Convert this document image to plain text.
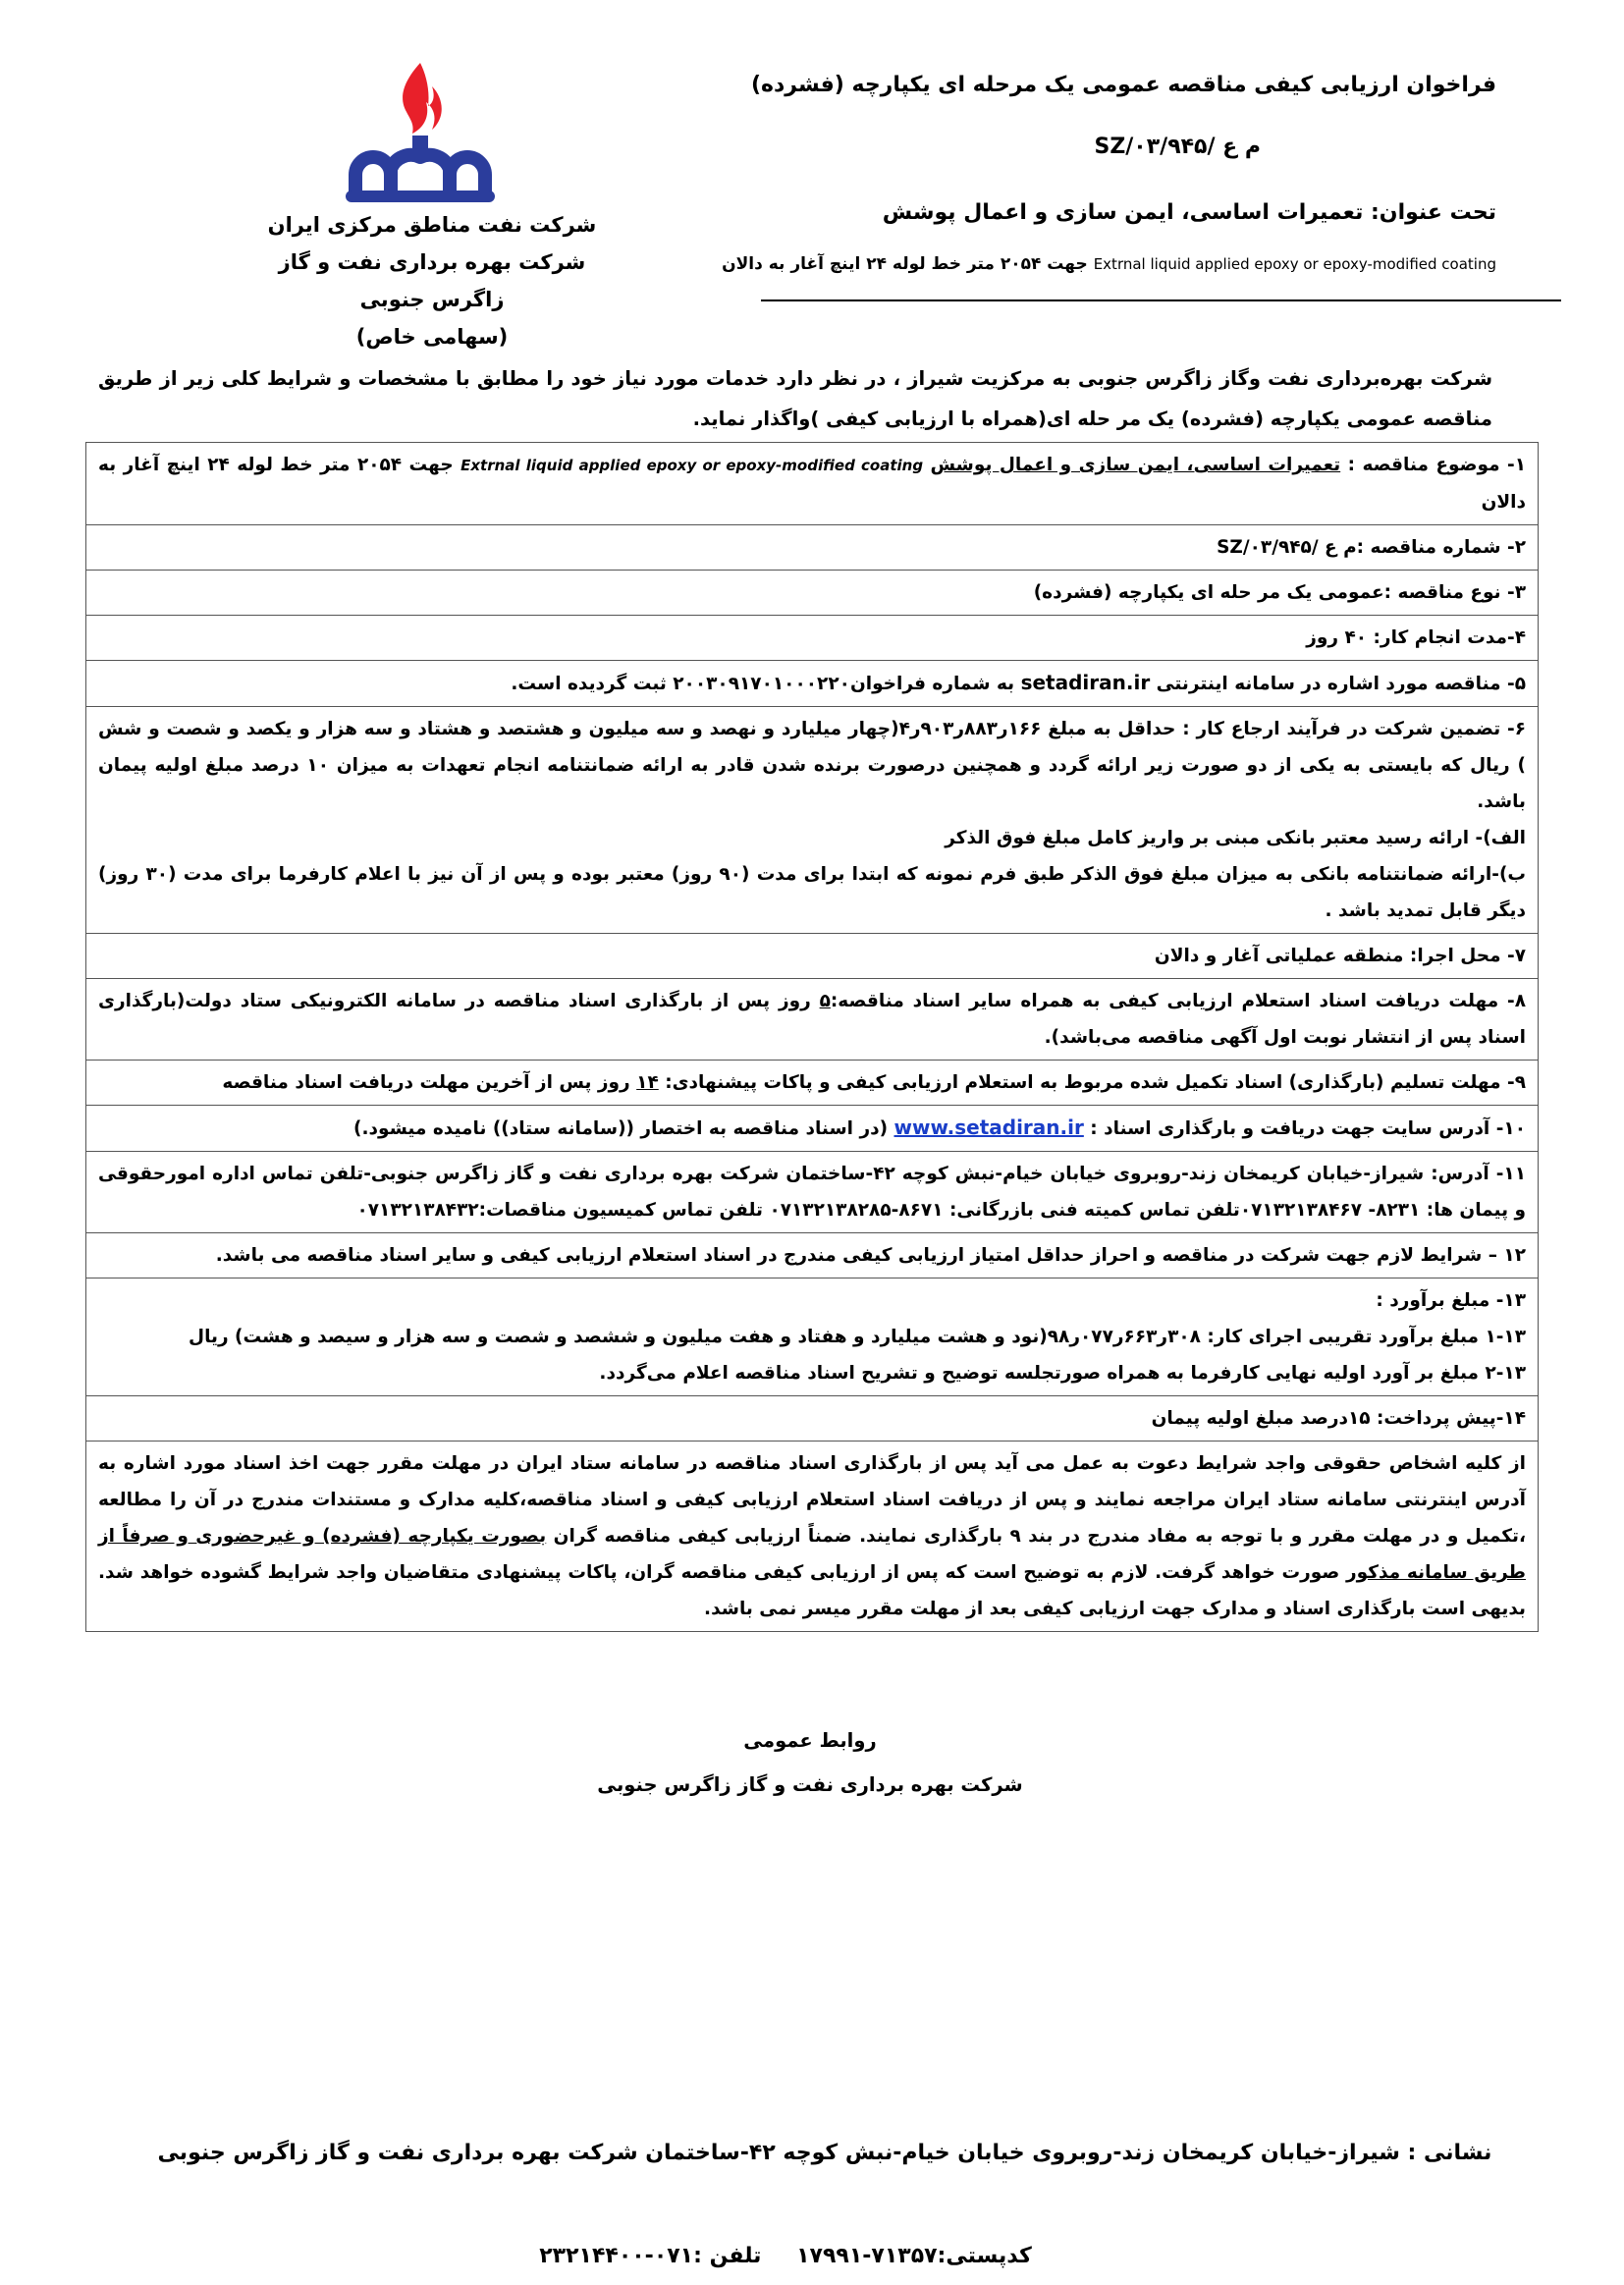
شرکت نفت مناطق مرکزی ایران
شرکت بهره برداری نفت و گاز زاگرس جنوبی
(سهامی خاص)
فراخوان ارزیابی کیفی مناقصه عمومی یک مرحله ای یکپارچه (فشرده)
م ع /SZ/۰۳/۹۴۵
تحت عنوان: تعمیرات اساسی، ایمن سازی و اعمال پوشش
Extrnal liquid applied epoxy or epoxy-modified coating جهت ۲۰۵۴ متر خط لوله ۲۴ اینچ آغار به دالان
شرکت بهره‌برداری نفت وگاز زاگرس جنوبی به مرکزیت شیراز ، در نظر دارد خدمات مورد نیاز خود را مطابق با مشخصات و شرایط کلی زیر از طریق مناقصه عمومی یکپارچه (فشرده) یک مر حله ای(همراه با ارزیابی کیفی )واگذار نماید.
۱- موضوع مناقصه : تعمیرات اساسی، ایمن سازی و اعمال پوشش Extrnal liquid applied epoxy or epoxy-modified coating جهت ۲۰۵۴ متر خط لوله ۲۴ اینچ آغار به دالان
۲- شماره مناقصه :م ع /SZ/۰۳/۹۴۵
۳- نوع مناقصه :عمومی یک مر حله ای یکپارچه (فشرده)
۴-مدت انجام کار: ۴۰ روز
۵- مناقصه مورد اشاره در سامانه اینترنتی setadiran.ir به شماره فراخوان۲۰۰۳۰۹۱۷۰۱۰۰۰۲۲۰ ثبت گردیده است.

۶- تضمین شرکت در فرآیند ارجاع کار : حداقل به مبلغ ۱۶۶ر۸۸۳ر۹۰۳ر۴(چهار میلیارد و نهصد و سه میلیون و هشتصد و هشتاد و سه هزار و یکصد و شصت و شش ) ریال که بایستی به یکی از دو صورت زیر ارائه گردد و همچنین درصورت برنده شدن قادر به ارائه ضمانتنامه انجام تعهدات به میزان ۱۰ درصد مبلغ اولیه پیمان باشد.
الف)- ارائه رسید معتبر بانکی مبنی بر واریز کامل مبلغ فوق الذکر
ب)-ارائه ضمانتنامه بانکی به میزان مبلغ فوق الذکر طبق فرم نمونه که ابتدا برای مدت (۹۰ روز) معتبر بوده و پس از آن نیز با اعلام کارفرما برای مدت (۳۰ روز) دیگر قابل تمدید باشد .

۷- محل اجرا: منطقه عملیاتی آغار و دالان
۸- مهلت دریافت اسناد استعلام ارزیابی کیفی به همراه سایر اسناد مناقصه:۵ روز پس از بارگذاری اسناد مناقصه در سامانه الکترونیکی ستاد دولت(بارگذاری اسناد پس از انتشار نوبت اول آگهی مناقصه می‌باشد).
۹- مهلت تسلیم (بارگذاری) اسناد تکمیل شده مربوط به استعلام ارزیابی کیفی و پاکات پیشنهادی: ۱۴ روز پس از آخرین مهلت دریافت اسناد مناقصه
۱۰- آدرس سایت جهت دریافت و بارگذاری اسناد : www.setadiran.ir (در اسناد مناقصه به اختصار ((سامانه ستاد)) نامیده میشود.)
۱۱- آدرس: شیراز-خیابان کریمخان زند-روبروی خیابان خیام-نبش کوچه ۴۲-ساختمان شرکت بهره برداری نفت و گاز زاگرس جنوبی-تلفن تماس اداره امورحقوقی و پیمان ها: ۸۲۳۱- ۰۷۱۳۲۱۳۸۴۶۷تلفن تماس کمیته فنی بازرگانی: ۸۶۷۱-۰۷۱۳۲۱۳۸۲۸۵ تلفن تماس کمیسیون مناقصات:۰۷۱۳۲۱۳۸۴۳۲
۱۲ – شرایط لازم جهت شرکت در مناقصه و احراز حداقل امتیاز ارزیابی کیفی مندرج در اسناد استعلام ارزیابی کیفی و سایر اسناد مناقصه می باشد.

۱۳- مبلغ برآورد :
۱-۱۳ مبلغ برآورد تقریبی اجرای کار: ۳۰۸ر۶۶۳ر۰۷۷ر۹۸(نود و هشت میلیارد و هفتاد و هفت میلیون و ششصد و شصت و سه هزار و سیصد و هشت) ریال
۲-۱۳ مبلغ بر آورد اولیه نهایی کارفرما به همراه صورتجلسه توضیح و تشریح اسناد مناقصه اعلام می‌گردد.

۱۴-پیش پرداخت: ۱۵درصد مبلغ اولیه پیمان
از کلیه اشخاص حقوقی واجد شرایط دعوت به عمل می آید پس از بارگذاری اسناد مناقصه در سامانه ستاد ایران در مهلت مقرر جهت اخذ اسناد مورد اشاره به آدرس اینترنتی سامانه ستاد ایران مراجعه نمایند و پس از دریافت اسناد استعلام ارزیابی کیفی و اسناد مناقصه،کلیه مدارک و مستندات مندرج در آن را مطالعه ،تکمیل و در مهلت مقرر و با توجه به مفاد مندرج در بند ۹ بارگذاری نمایند. ضمناً ارزیابی کیفی مناقصه گران بصورت یکپارچه (فشرده) و غیرحضوری و صرفاً از طریق سامانه مذکور صورت خواهد گرفت. لازم به توضیح است که پس از ارزیابی کیفی مناقصه گران، پاکات پیشنهادی متقاضیان واجد شرایط گشوده خواهد شد. بدیهی است بارگذاری اسناد و مدارک جهت ارزیابی کیفی بعد از مهلت مقرر میسر نمی باشد.
روابط عمومی
شرکت بهره برداری نفت و گاز زاگرس جنوبی
نشانی : شیراز-خیابان کریمخان زند-روبروی خیابان خیام-نبش کوچه ۴۲-ساختمان شرکت بهره برداری نفت و گاز زاگرس جنوبی
کدپستی:۷۱۳۵۷-۱۷۹۹۱ تلفن :۰۷۱-۲۳۲۱۴۴۰۰
